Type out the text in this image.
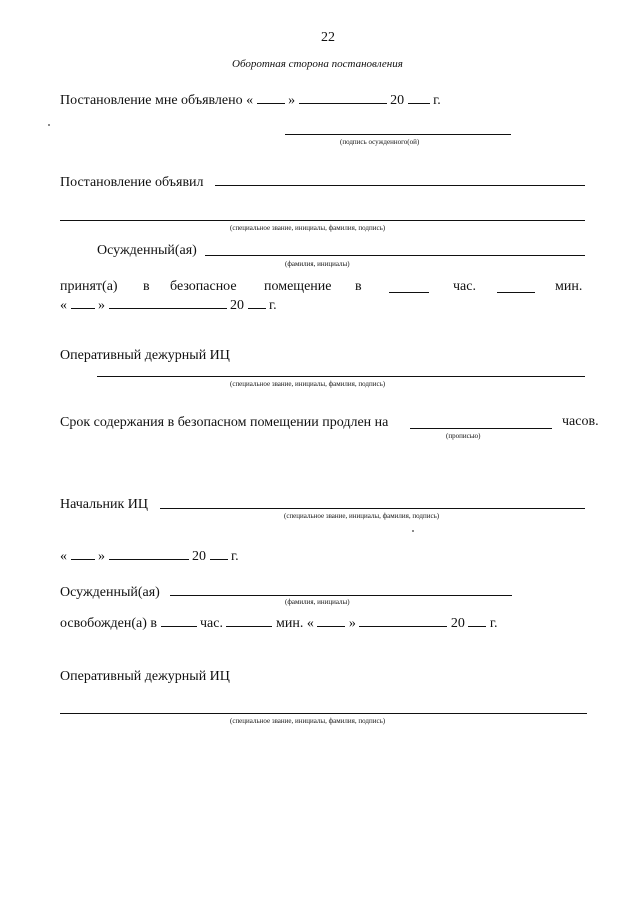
22
Оборотная сторона постановления
Постановление мне объявлено «	»	20 г.
(подпись осужденного(ой)
Постановление объявил
(специальное звание, инициалы, фамилия, подпись)
Осужденный(ая)
(фамилия, инициалы)
принят(а) в безопасное помещение в	час.	мин.
« »	20 г.
Оперативный дежурный ИЦ
(специальное звание, инициалы, фамилия, подпись)
Срок содержания в безопасном помещении продлен на	часов.
(прописью)
Начальник ИЦ
(специальное звание, инициалы, фамилия, подпись)
« »	20 г.
Осужденный(ая)
(фамилия, инициалы)
освобожден(а) в	час.	мин. «	»	20 г.
Оперативный дежурный ИЦ
(специальное звание, инициалы, фамилия, подпись)
